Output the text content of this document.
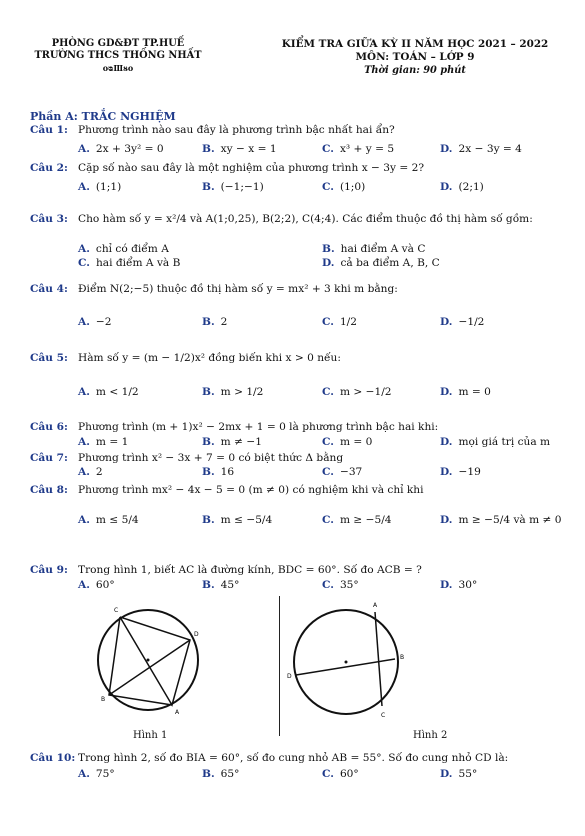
PHÒNG GD&ĐT TP.HUẾ
TRƯỜNG THCS THỐNG NHẤT
ᴏᴓⅢᴕᴏ
KIỂM TRA GIỮA KỲ II NĂM HỌC 2021 – 2022
MÔN: TOÁN – LỚP 9
Thời gian: 90 phút
Phần A: TRẮC NGHIỆM
Câu 1: Phương trình nào sau đây là phương trình bậc nhất hai ẩn?
A. 2x + 3y² = 0	B. xy − x = 1	C. x³ + y = 5	D. 2x − 3y = 4
Câu 2: Cặp số nào sau đây là một nghiệm của phương trình x − 3y = 2?
A. (1;1)	B. (−1;−1)	C. (1;0)	D. (2;1)
Câu 3: Cho hàm số y = x²/4 và A(1;0,25), B(2;2), C(4;4). Các điểm thuộc đồ thị hàm số gồm:
A. chỉ có điểm A	B. hai điểm A và C
C. hai điểm A và B	D. cả ba điểm A, B, C
Câu 4: Điểm N(2;−5) thuộc đồ thị hàm số y = mx² + 3 khi m bằng:
A. −2	B. 2	C. 1/2	D. −1/2
Câu 5: Hàm số y = (m − 1/2)x² đồng biến khi x > 0 nếu:
A. m < 1/2	B. m > 1/2	C. m > −1/2	D. m = 0
Câu 6: Phương trình (m + 1)x² − 2mx + 1 = 0 là phương trình bậc hai khi:
A. m = 1	B. m ≠ −1	C. m = 0	D. mọi giá trị của m
Câu 7: Phương trình x² − 3x + 7 = 0 có biệt thức Δ bằng
A. 2	B. 16	C. −37	D. −19
Câu 8: Phương trình mx² − 4x − 5 = 0 (m ≠ 0) có nghiệm khi và chỉ khi
A. m ≤ 5/4	B. m ≤ −5/4	C. m ≥ −5/4	D. m ≥ −5/4 và m ≠ 0
Câu 9: Trong hình 1, biết AC là đường kính, BDC = 60°. Số đo ACB = ?
A. 60°	B. 45°	C. 35°	D. 30°
C
D
B
A
A
D
B
C
Hình 1	Hình 2
Câu 10: Trong hình 2, số đo BIA = 60°, số đo cung nhỏ AB = 55°. Số đo cung nhỏ CD là:
A. 75°	B. 65°	C. 60°	D. 55°
